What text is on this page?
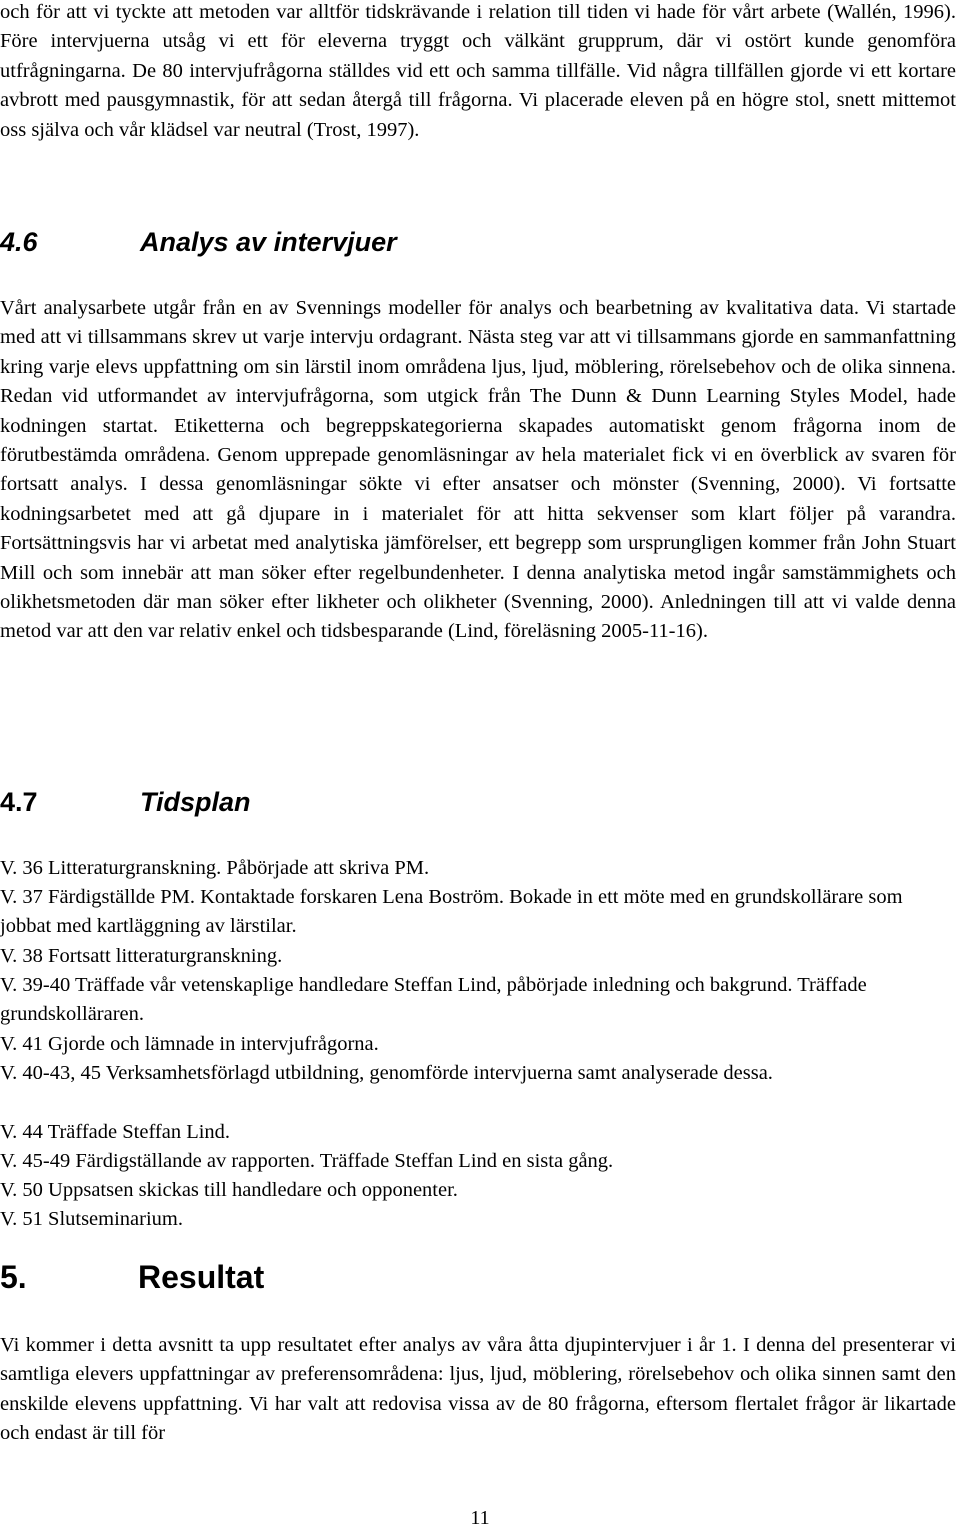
och för att vi tyckte att metoden var alltför tidskrävande i relation till tiden vi hade för vårt arbete (Wallén, 1996). Före intervjuerna utsåg vi ett för eleverna tryggt och välkänt grupprum, där vi ostört kunde genomföra utfrågningarna. De 80 intervjufrågorna ställdes vid ett och samma tillfälle. Vid några tillfällen gjorde vi ett kortare avbrott med pausgymnastik, för att sedan återgå till frågorna. Vi placerade eleven på en högre stol, snett mittemot oss själva och vår klädsel var neutral (Trost, 1997).

4.6	Analys av intervjuer

Vårt analysarbete utgår från en av Svennings modeller för analys och bearbetning av kvalitativa data. Vi startade med att vi tillsammans skrev ut varje intervju ordagrant. Nästa steg var att vi tillsammans gjorde en sammanfattning kring varje elevs uppfattning om sin lärstil inom områdena ljus, ljud, möblering, rörelsebehov och de olika sinnena. Redan vid utformandet av intervjufrågorna, som utgick från The Dunn & Dunn Learning Styles Model, hade kodningen startat. Etiketterna och begreppskategorierna skapades automatiskt genom frågorna inom de förutbestämda områdena. Genom upprepade genomläsningar av hela materialet fick vi en överblick av svaren för fortsatt analys. I dessa genomläsningar sökte vi efter ansatser och mönster (Svenning, 2000). Vi fortsatte kodningsarbetet med att gå djupare in i materialet för att hitta sekvenser som klart följer på varandra. Fortsättningsvis har vi arbetat med analytiska jämförelser, ett begrepp som ursprungligen kommer från John Stuart Mill och som innebär att man söker efter regelbundenheter. I denna analytiska metod ingår samstämmighets och olikhetsmetoden där man söker efter likheter och olikheter (Svenning, 2000). Anledningen till att vi valde denna metod var att den var relativ enkel och tidsbesparande (Lind, föreläsning 2005-11-16).

4.7	Tidsplan

V. 36 Litteraturgranskning. Påbörjade att skriva PM.

V. 37 Färdigställde PM. Kontaktade forskaren Lena Boström. Bokade in ett möte med en grundskollärare som jobbat med kartläggning av lärstilar.

V. 38 Fortsatt litteraturgranskning.

V. 39-40 Träffade vår vetenskaplige handledare Steffan Lind, påbörjade inledning och bakgrund. Träffade grundskolläraren.

V. 41 Gjorde och lämnade in intervjufrågorna.

V. 40-43, 45 Verksamhetsförlagd utbildning, genomförde intervjuerna samt analyserade dessa.

V. 44 Träffade Steffan Lind.

V. 45-49 Färdigställande av rapporten. Träffade Steffan Lind en sista gång.

V. 50 Uppsatsen skickas till handledare och opponenter.

V. 51 Slutseminarium.

5.	Resultat

Vi kommer i detta avsnitt ta upp resultatet efter analys av våra åtta djupintervjuer i år 1. I denna del presenterar vi samtliga elevers uppfattningar av preferensområdena: ljus, ljud, möblering, rörelsebehov och olika sinnen samt den enskilde elevens uppfattning. Vi har valt att redovisa vissa av de 80 frågorna, eftersom flertalet frågor är likartade och endast är till för

11
